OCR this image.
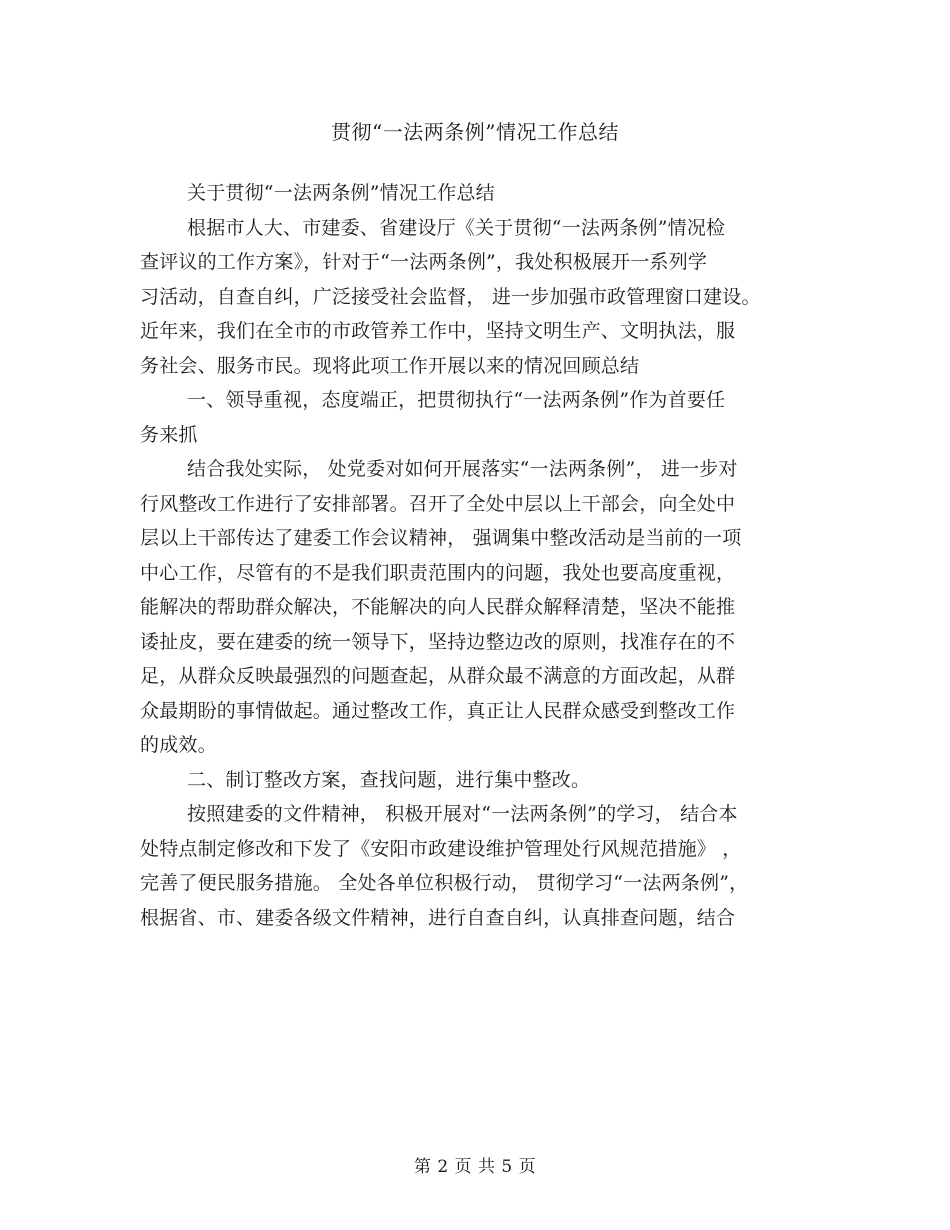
贯彻“一法两条例”情况工作总结
关于贯彻“一法两条例”情况工作总结
根据市人大、市建委、省建设厅《关于贯彻“一法两条例”情况检
查评议的工作方案》，针对于“一法两条例”，我处积极展开一系列学
习活动，自查自纠，广泛接受社会监督， 进一步加强市政管理窗口建设。
近年来，我们在全市的市政管养工作中，坚持文明生产、文明执法，服
务社会、服务市民。现将此项工作开展以来的情况回顾总结
一、领导重视，态度端正，把贯彻执行“一法两条例”作为首要任
务来抓
结合我处实际， 处党委对如何开展落实“一法两条例”， 进一步对
行风整改工作进行了安排部署。召开了全处中层以上干部会，向全处中
层以上干部传达了建委工作会议精神， 强调集中整改活动是当前的一项
中心工作，尽管有的不是我们职责范围内的问题，我处也要高度重视，
能解决的帮助群众解决，不能解决的向人民群众解释清楚，坚决不能推
诿扯皮，要在建委的统一领导下，坚持边整边改的原则，找准存在的不
足，从群众反映最强烈的问题查起，从群众最不满意的方面改起，从群
众最期盼的事情做起。通过整改工作，真正让人民群众感受到整改工作
的成效。
二、制订整改方案，查找问题，进行集中整改。
按照建委的文件精神， 积极开展对“一法两条例”的学习， 结合本
处特点制定修改和下发了《安阳市政建设维护管理处行风规范措施》 ，
完善了便民服务措施。 全处各单位积极行动， 贯彻学习“一法两条例”，
根据省、市、建委各级文件精神，进行自查自纠，认真排查问题，结合
第 2 页 共 5 页
